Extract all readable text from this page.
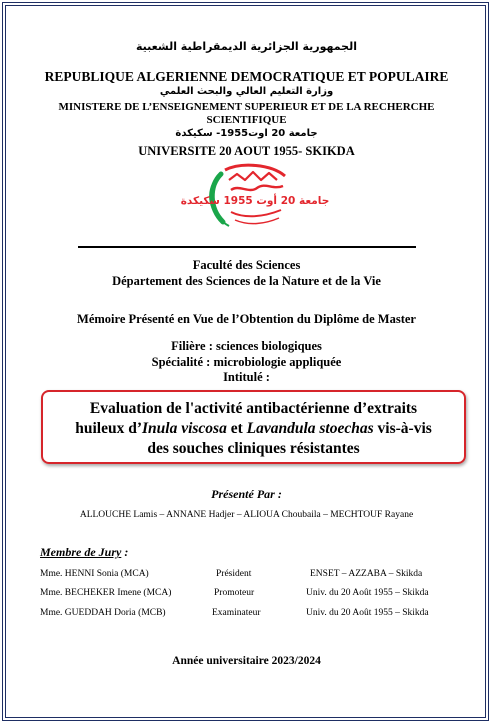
الجمهورية الجزائرية الديمقراطية الشعبية
REPUBLIQUE ALGERIENNE DEMOCRATIQUE ET POPULAIRE
وزارة التعليم العالي والبحث العلمي
MINISTERE DE L’ENSEIGNEMENT SUPERIEUR ET DE LA RECHERCHE
SCIENTIFIQUE
جامعة 20 اوت1955- سكيكدة
UNIVERSITE 20 AOUT 1955- SKIKDA
جامعة 20 أوت 1955 سكيكدة
Faculté des Sciences
Département des Sciences de la Nature et de la Vie
Mémoire Présenté en Vue de l’Obtention du Diplôme de Master
Filière : sciences biologiques
Spécialité : microbiologie appliquée
Intitulé :
Evaluation de l'activité antibactérienne d’extraits
huileux d’Inula viscosa et Lavandula stoechas vis-à-vis
des souches cliniques résistantes
Présenté Par :
ALLOUCHE Lamis – ANNANE Hadjer – ALIOUA Choubaila – MECHTOUF Rayane
Membre de Jury :
Mme. HENNI Sonia (MCA)	Président	ENSET – AZZABA – Skikda
Mme. BECHEKER Imene (MCA)	Promoteur	Univ. du 20 Août 1955 – Skikda
Mme. GUEDDAH Doria (MCB)	Examinateur	Univ. du 20 Août 1955 – Skikda
Année universitaire 2023/2024
